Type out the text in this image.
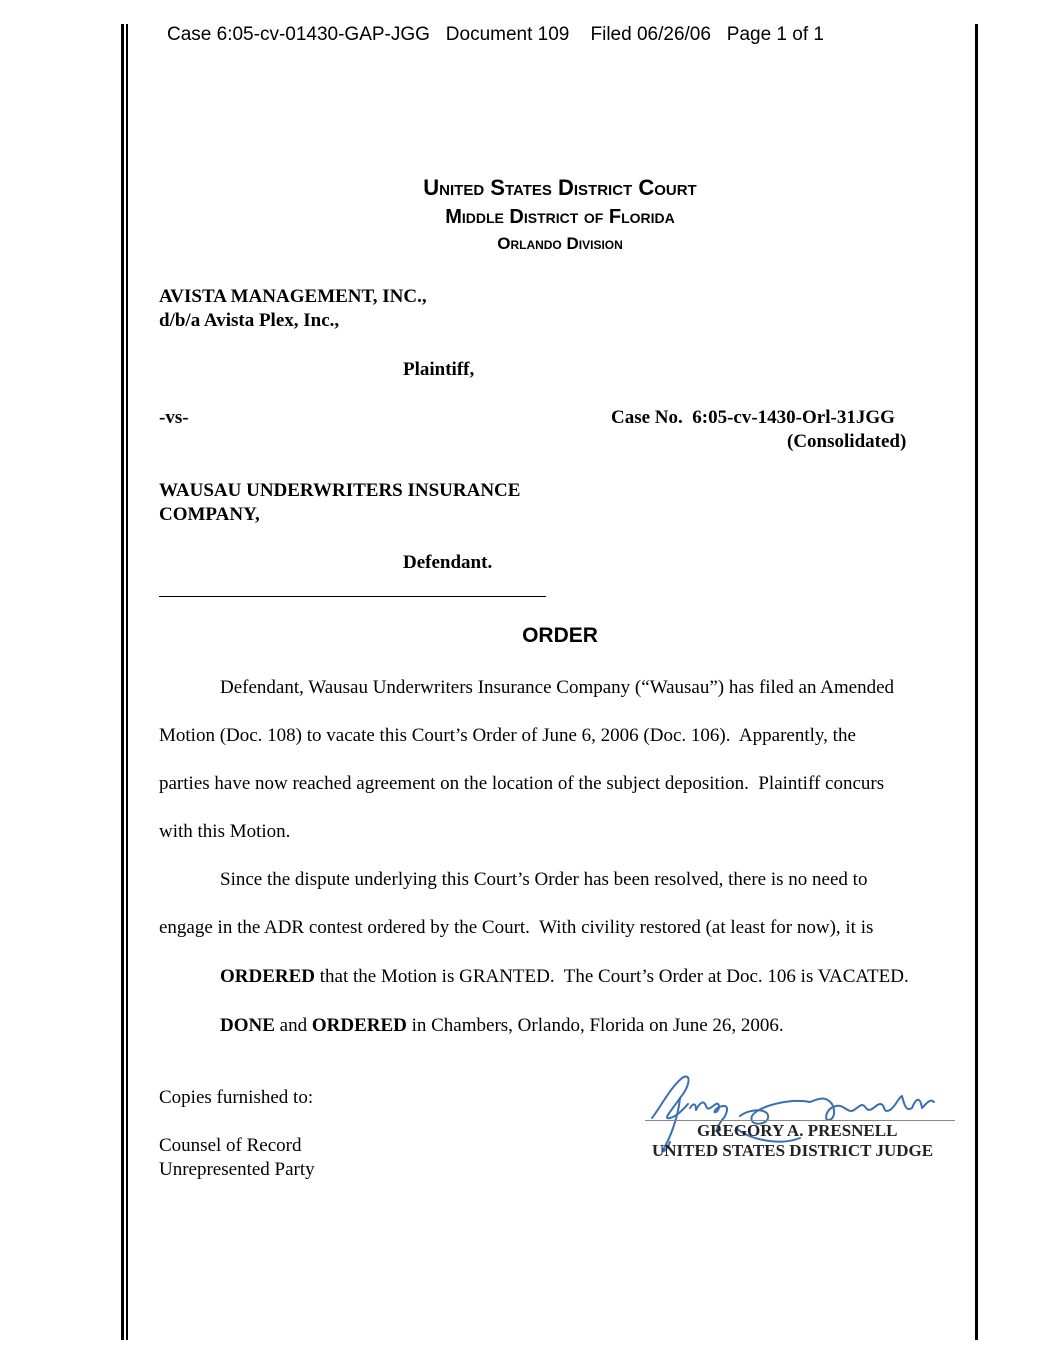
Case 6:05-cv-01430-GAP-JGG Document 109 Filed 06/26/06 Page 1 of 1
United States District Court
Middle District of Florida
Orlando Division
AVISTA MANAGEMENT, INC.,
d/b/a Avista Plex, Inc.,
Plaintiff,
-vs-	Case No.  6:05-cv-1430-Orl-31JGG
(Consolidated)
WAUSAU UNDERWRITERS INSURANCE
COMPANY,
Defendant.
ORDER
Defendant, Wausau Underwriters Insurance Company (“Wausau”) has filed an Amended
Motion (Doc. 108) to vacate this Court’s Order of June 6, 2006 (Doc. 106).  Apparently, the
parties have now reached agreement on the location of the subject deposition.  Plaintiff concurs
with this Motion.
Since the dispute underlying this Court’s Order has been resolved, there is no need to
engage in the ADR contest ordered by the Court.  With civility restored (at least for now), it is
ORDERED that the Motion is GRANTED.  The Court’s Order at Doc. 106 is VACATED.
DONE and ORDERED in Chambers, Orlando, Florida on June 26, 2006.
Copies furnished to:
Counsel of Record
Unrepresented Party
GREGORY A. PRESNELL
UNITED STATES DISTRICT JUDGE
